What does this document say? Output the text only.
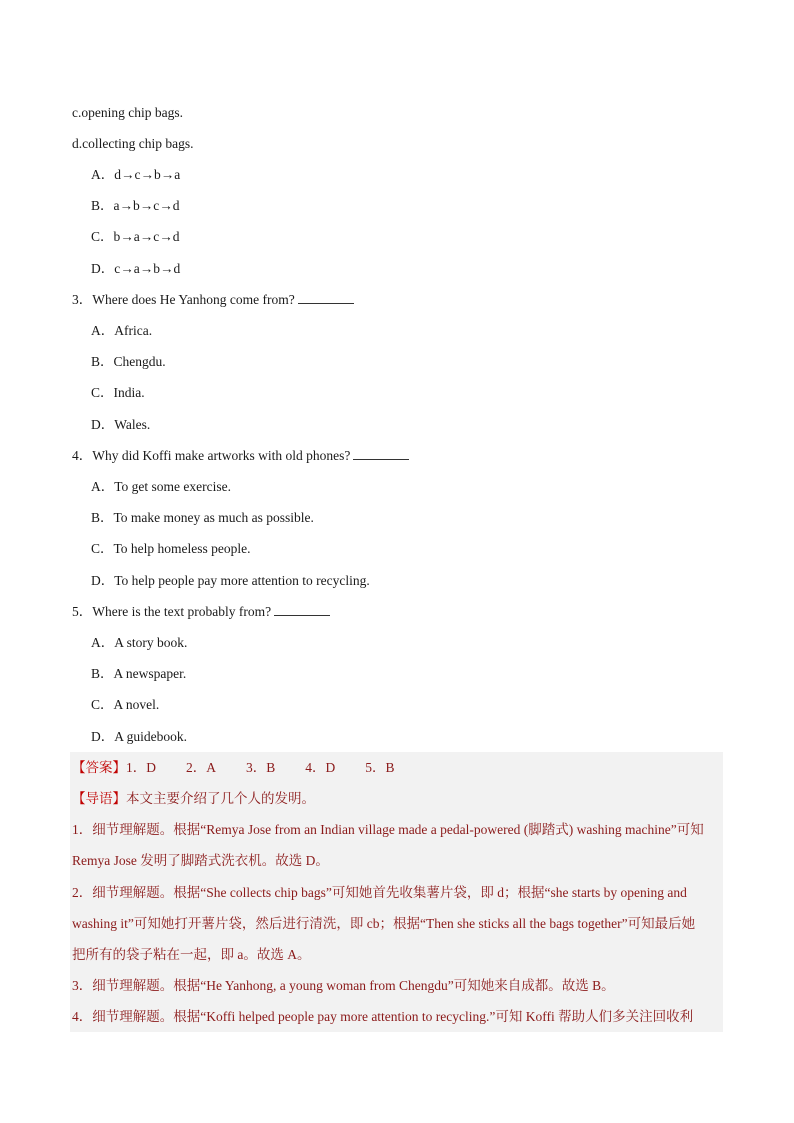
c.opening chip bags.
d.collecting chip bags.
A．d→c→b→a
B．a→b→c→d
C．b→a→c→d
D．c→a→b→d
3．Where does He Yanhong come from?
A．Africa.
B．Chengdu.
C．India.
D．Wales.
4．Why did Koffi make artworks with old phones?
A．To get some exercise.
B．To make money as much as possible.
C．To help homeless people.
D．To help people pay more attention to recycling.
5．Where is the text probably from?
A．A story book.
B．A newspaper.
C．A novel.
D．A guidebook.
【答案】1．D 2．A 3．B 4．D 5．B
【导语】本文主要介绍了几个人的发明。
1．细节理解题。根据“Remya Jose from an Indian village made a pedal-powered (脚踏式) washing machine”可知
Remya Jose 发明了脚踏式洗衣机。故选 D。
2．细节理解题。根据“She collects chip bags”可知她首先收集薯片袋，即 d；根据“she starts by opening and
washing it”可知她打开薯片袋，然后进行清洗，即 cb；根据“Then she sticks all the bags together”可知最后她
把所有的袋子粘在一起，即 a。故选 A。
3．细节理解题。根据“He Yanhong, a young woman from Chengdu”可知她来自成都。故选 B。
4．细节理解题。根据“Koffi helped people pay more attention to recycling.”可知 Koffi 帮助人们多关注回收利
